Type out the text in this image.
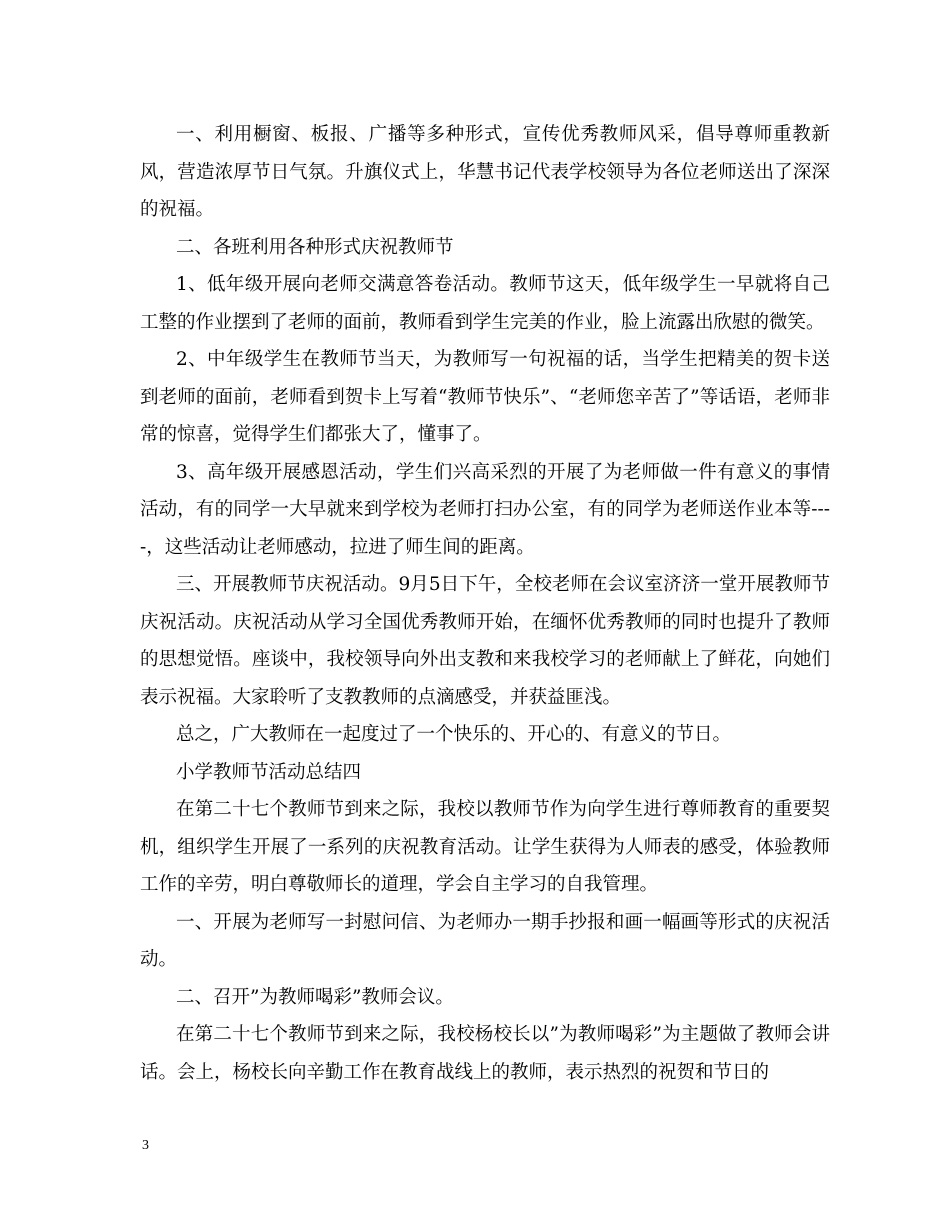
一、利用橱窗、板报、广播等多种形式，宣传优秀教师风采，倡导尊师重教新风，营造浓厚节日气氛。升旗仪式上，华慧书记代表学校领导为各位老师送出了深深的祝福。

二、各班利用各种形式庆祝教师节

1、低年级开展向老师交满意答卷活动。教师节这天，低年级学生一早就将自己工整的作业摆到了老师的面前，教师看到学生完美的作业，脸上流露出欣慰的微笑。

2、中年级学生在教师节当天，为教师写一句祝福的话，当学生把精美的贺卡送到老师的面前，老师看到贺卡上写着“教师节快乐”、“老师您辛苦了”等话语，老师非常的惊喜，觉得学生们都张大了，懂事了。

3、高年级开展感恩活动，学生们兴高采烈的开展了为老师做一件有意义的事情活动，有的同学一大早就来到学校为老师打扫办公室，有的同学为老师送作业本等----，这些活动让老师感动，拉进了师生间的距离。

三、开展教师节庆祝活动。9月5日下午，全校老师在会议室济济一堂开展教师节庆祝活动。庆祝活动从学习全国优秀教师开始，在缅怀优秀教师的同时也提升了教师的思想觉悟。座谈中，我校领导向外出支教和来我校学习的老师献上了鲜花，向她们表示祝福。大家聆听了支教教师的点滴感受，并获益匪浅。

总之，广大教师在一起度过了一个快乐的、开心的、有意义的节日。

小学教师节活动总结四

在第二十七个教师节到来之际，我校以教师节作为向学生进行尊师教育的重要契机，组织学生开展了一系列的庆祝教育活动。让学生获得为人师表的感受，体验教师工作的辛劳，明白尊敬师长的道理，学会自主学习的自我管理。

一、开展为老师写一封慰问信、为老师办一期手抄报和画一幅画等形式的庆祝活动。

二、召开”为教师喝彩”教师会议。

在第二十七个教师节到来之际，我校杨校长以”为教师喝彩”为主题做了教师会讲话。会上，杨校长向辛勤工作在教育战线上的教师，表示热烈的祝贺和节日的

3
